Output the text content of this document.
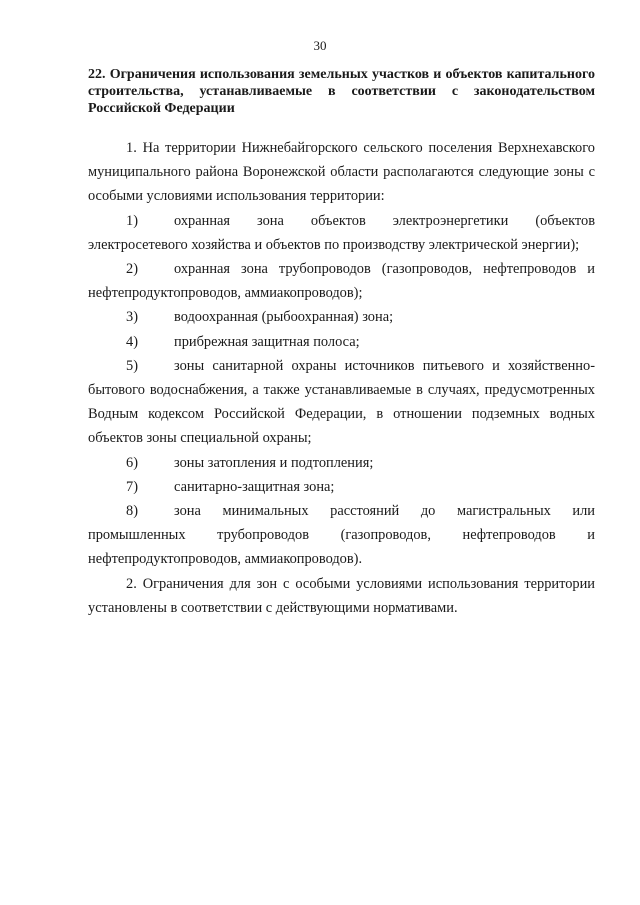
30
22. Ограничения использования земельных участков и объектов капитального строительства, устанавливаемые в соответствии с законодательством Российской Федерации

1. На территории Нижнебайгорского сельского поселения Верхнехавского муниципального района Воронежской области располагаются следующие зоны с особыми условиями использования территории:

1)	охранная зона объектов электроэнергетики (объектов электросетевого хозяйства и объектов по производству электрической энергии);

2)	охранная зона трубопроводов (газопроводов, нефтепроводов и нефтепродуктопроводов, аммиакопроводов);

3)	водоохранная (рыбоохранная) зона;

4)	прибрежная защитная полоса;

5)	зоны санитарной охраны источников питьевого и хозяйственно-бытового водоснабжения, а также устанавливаемые в случаях, предусмотренных Водным кодексом Российской Федерации, в отношении подземных водных объектов зоны специальной охраны;

6)	зоны затопления и подтопления;

7)	санитарно-защитная зона;

8)	зона минимальных расстояний до магистральных или промышленных трубопроводов (газопроводов, нефтепроводов и нефтепродуктопроводов, аммиакопроводов).

2. Ограничения для зон с особыми условиями использования территории установлены в соответствии с действующими нормативами.
